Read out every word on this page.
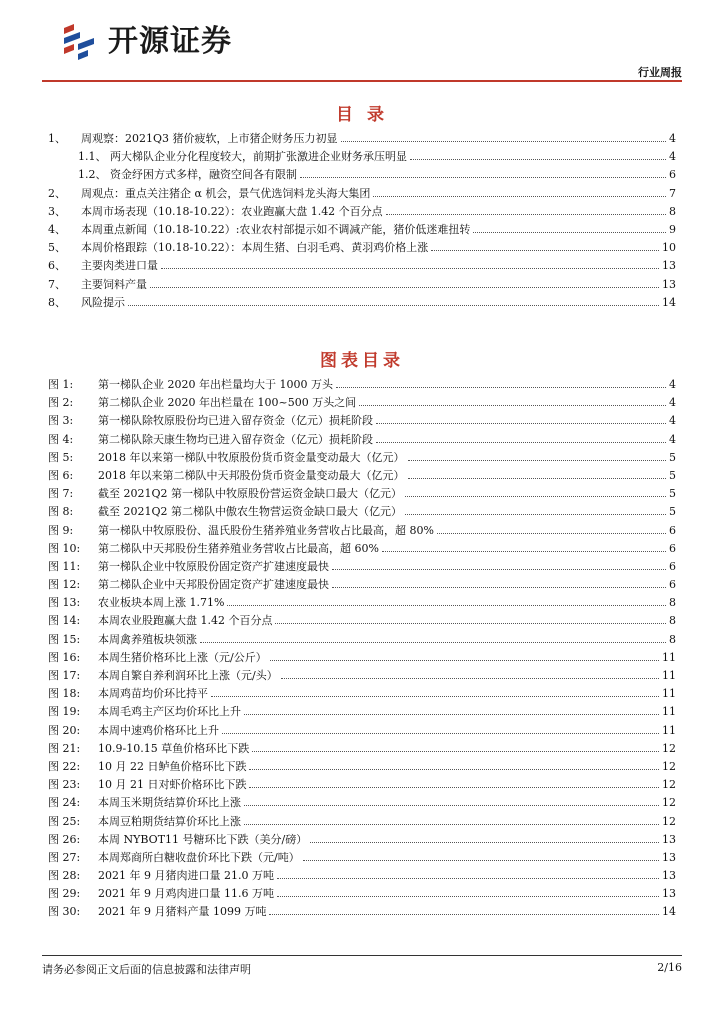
开源证券
行业周报
目 录
1、	周观察：2021Q3 猪价疲软，上市猪企财务压力初显	4
1.1、 两大梯队企业分化程度较大，前期扩张激进企业财务承压明显	4
1.2、 资金纾困方式多样，融资空间各有限制	6
2、	周观点：重点关注猪企 α 机会，景气优选饲料龙头海大集团	7
3、	本周市场表现（10.18-10.22）：农业跑赢大盘 1.42 个百分点	8
4、	本周重点新闻（10.18-10.22）:农业农村部提示如不调减产能，猪价低迷难扭转	9
5、	本周价格跟踪（10.18-10.22）：本周生猪、白羽毛鸡、黄羽鸡价格上涨	10
6、	主要肉类进口量	13
7、	主要饲料产量	13
8、	风险提示	14
图表目录
图 1:	第一梯队企业 2020 年出栏量均大于 1000 万头	4
图 2:	第二梯队企业 2020 年出栏量在 100~500 万头之间	4
图 3:	第一梯队除牧原股份均已进入留存资金（亿元）损耗阶段	4
图 4:	第二梯队除天康生物均已进入留存资金（亿元）损耗阶段	4
图 5:	2018 年以来第一梯队中牧原股份货币资金量变动最大（亿元）	5
图 6:	2018 年以来第二梯队中天邦股份货币资金量变动最大（亿元）	5
图 7:	截至 2021Q2 第一梯队中牧原股份营运资金缺口最大（亿元）	5
图 8:	截至 2021Q2 第二梯队中傲农生物营运资金缺口最大（亿元）	5
图 9:	第一梯队中牧原股份、温氏股份生猪养殖业务营收占比最高，超 80%	6
图 10:	第二梯队中天邦股份生猪养殖业务营收占比最高，超 60%	6
图 11:	第一梯队企业中牧原股份固定资产扩建速度最快	6
图 12:	第二梯队企业中天邦股份固定资产扩建速度最快	6
图 13:	农业板块本周上涨 1.71%	8
图 14:	本周农业股跑赢大盘 1.42 个百分点	8
图 15:	本周禽养殖板块领涨	8
图 16:	本周生猪价格环比上涨（元/公斤）	11
图 17:	本周自繁自养利润环比上涨（元/头）	11
图 18:	本周鸡苗均价环比持平	11
图 19:	本周毛鸡主产区均价环比上升	11
图 20:	本周中速鸡价格环比上升	11
图 21:	10.9-10.15 草鱼价格环比下跌	12
图 22:	10 月 22 日鲈鱼价格环比下跌	12
图 23:	10 月 21 日对虾价格环比下跌	12
图 24:	本周玉米期货结算价环比上涨	12
图 25:	本周豆粕期货结算价环比上涨	12
图 26:	本周 NYBOT11 号糖环比下跌（美分/磅）	13
图 27:	本周郑商所白糖收盘价环比下跌（元/吨）	13
图 28:	2021 年 9 月猪肉进口量 21.0 万吨	13
图 29:	2021 年 9 月鸡肉进口量 11.6 万吨	13
图 30:	2021 年 9 月猪料产量 1099 万吨	14
请务必参阅正文后面的信息披露和法律声明	2/16
